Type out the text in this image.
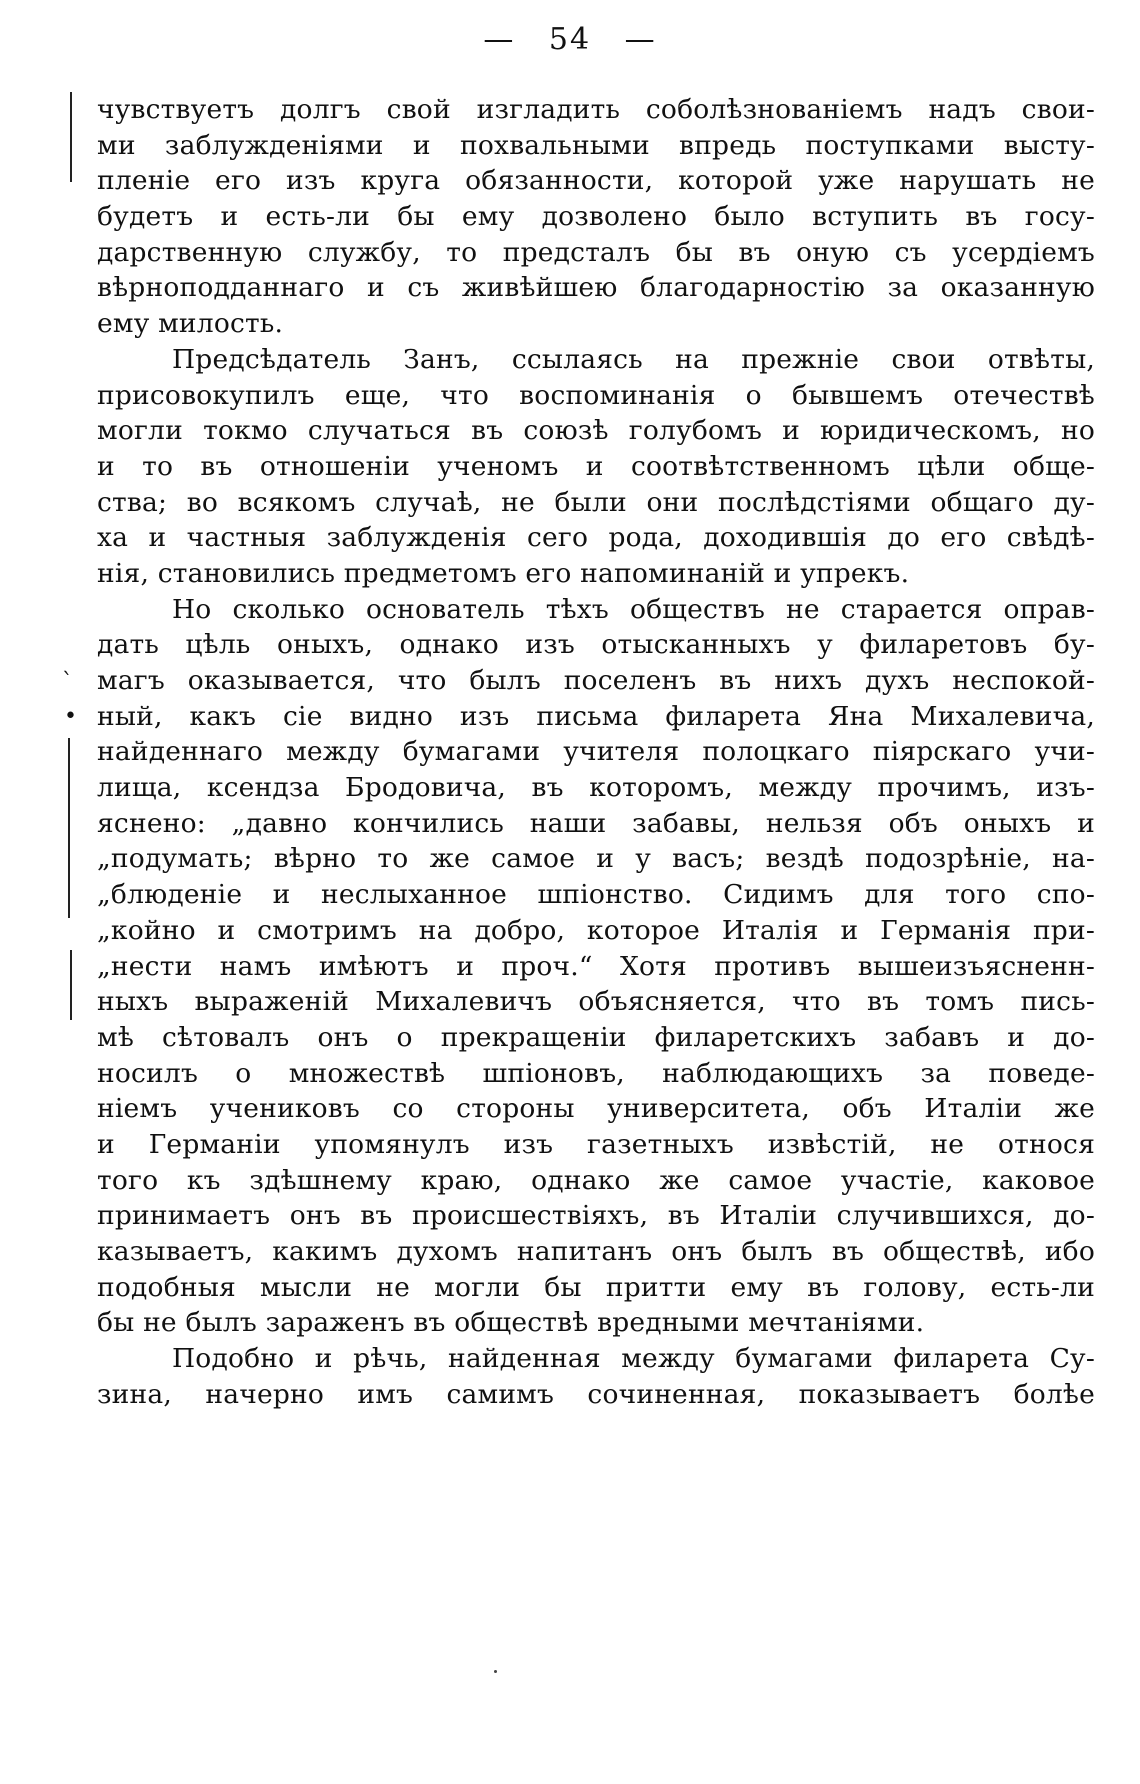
— 54 —
ˋ
•
чувствуетъ долгъ свой изгладить соболѣзнованіемъ надъ свои-
ми заблужденіями и похвальными впредь поступками высту-
пленіе его изъ круга обязанности, которой уже нарушать не
будетъ и есть-ли бы ему дозволено было вступить въ госу-
дарственную службу, то предсталъ бы въ оную съ усердіемъ
вѣрноподданнаго и съ живѣйшею благодарностію за оказанную
ему милость.
Предсѣдатель Занъ, ссылаясь на прежніе свои отвѣты,
присовокупилъ еще, что воспоминанія о бывшемъ отечествѣ
могли токмо случаться въ союзѣ голубомъ и юридическомъ, но
и то въ отношеніи ученомъ и соотвѣтственномъ цѣли обще-
ства; во всякомъ случаѣ, не были они послѣдстіями общаго ду-
ха и частныя заблужденія сего рода, доходившія до его свѣдѣ-
нія, становились предметомъ его напоминаній и упрекъ.
Но сколько основатель тѣхъ обществъ не старается оправ-
дать цѣль оныхъ, однако изъ отысканныхъ у филаретовъ бу-
магъ оказывается, что былъ поселенъ въ нихъ духъ неспокой-
ный, какъ сіе видно изъ письма филарета Яна Михалевича,
найденнаго между бумагами учителя полоцкаго піярскаго учи-
лища, ксендза Бродовича, въ которомъ, между прочимъ, изъ-
яснено: „давно кончились наши забавы, нельзя объ оныхъ и
„подумать; вѣрно то же самое и у васъ; вездѣ подозрѣніе, на-
„блюденіе и неслыханное шпіонство. Сидимъ для того спо-
„койно и смотримъ на добро, которое Италія и Германія при-
„нести намъ имѣютъ и проч.“ Хотя противъ вышеизъясненн-
ныхъ выраженій Михалевичъ объясняется, что въ томъ пись-
мѣ сѣтовалъ онъ о прекращеніи филаретскихъ забавъ и до-
носилъ о множествѣ шпіоновъ, наблюдающихъ за поведе-
ніемъ учениковъ со стороны университета, объ Италіи же
и Германіи упомянулъ изъ газетныхъ извѣстій, не относя
того къ здѣшнему краю, однако же самое участіе, каковое
принимаетъ онъ въ происшествіяхъ, въ Италіи случившихся, до-
казываетъ, какимъ духомъ напитанъ онъ былъ въ обществѣ, ибо
подобныя мысли не могли бы притти ему въ голову, есть-ли
бы не былъ зараженъ въ обществѣ вредными мечтаніями.
Подобно и рѣчь, найденная между бумагами филарета Су-
зина, начерно имъ самимъ сочиненная, показываетъ болѣе
